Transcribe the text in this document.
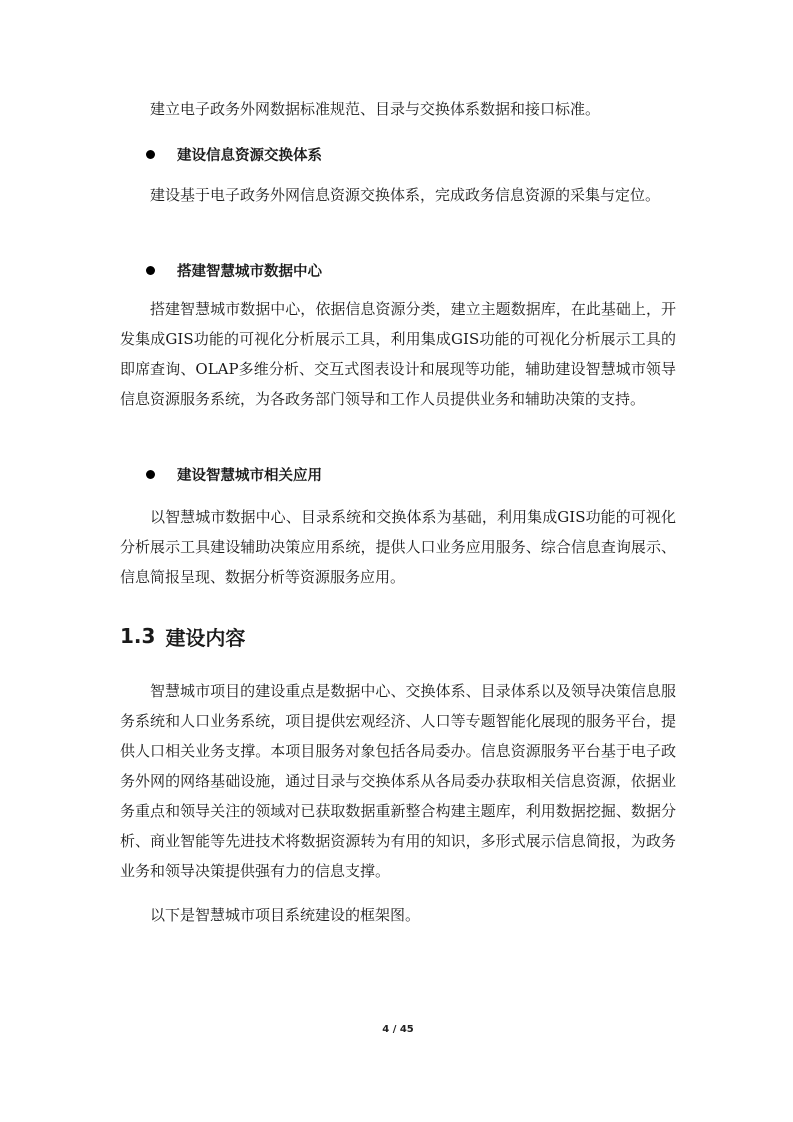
建立电子政务外网数据标准规范、目录与交换体系数据和接口标准。

建设信息资源交换体系

建设基于电子政务外网信息资源交换体系，完成政务信息资源的采集与定位。

搭建智慧城市数据中心

搭建智慧城市数据中心，依据信息资源分类，建立主题数据库，在此基础上，开发集成GIS功能的可视化分析展示工具，利用集成GIS功能的可视化分析展示工具的即席查询、OLAP多维分析、交互式图表设计和展现等功能，辅助建设智慧城市领导信息资源服务系统，为各政务部门领导和工作人员提供业务和辅助决策的支持。

建设智慧城市相关应用

以智慧城市数据中心、目录系统和交换体系为基础，利用集成GIS功能的可视化分析展示工具建设辅助决策应用系统，提供人口业务应用服务、综合信息查询展示、信息简报呈现、数据分析等资源服务应用。

1.3 建设内容

智慧城市项目的建设重点是数据中心、交换体系、目录体系以及领导决策信息服务系统和人口业务系统，项目提供宏观经济、人口等专题智能化展现的服务平台，提供人口相关业务支撑。本项目服务对象包括各局委办。信息资源服务平台基于电子政务外网的网络基础设施，通过目录与交换体系从各局委办获取相关信息资源，依据业务重点和领导关注的领域对已获取数据重新整合构建主题库，利用数据挖掘、数据分析、商业智能等先进技术将数据资源转为有用的知识，多形式展示信息简报，为政务业务和领导决策提供强有力的信息支撑。

以下是智慧城市项目系统建设的框架图。

4 / 45
